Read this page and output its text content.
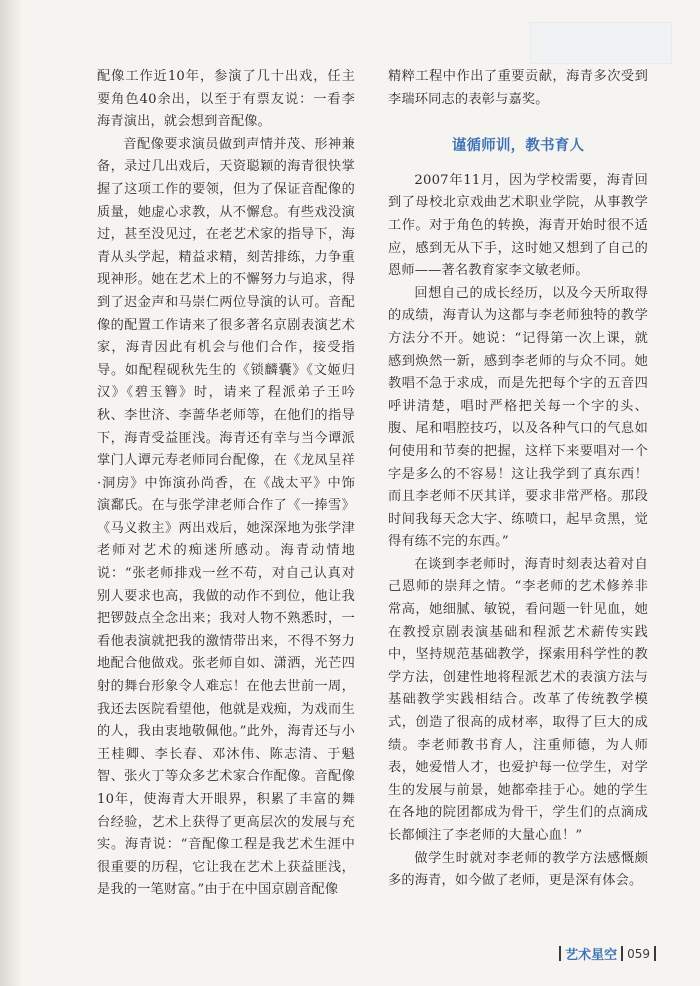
配像工作近10年，参演了几十出戏，任主要角色40余出，以至于有票友说：一看李海青演出，就会想到音配像。

音配像要求演员做到声情并茂、形神兼备，录过几出戏后，天资聪颖的海青很快掌握了这项工作的要领，但为了保证音配像的质量，她虚心求教，从不懈怠。有些戏没演过，甚至没见过，在老艺术家的指导下，海青从头学起，精益求精，刻苦排练，力争重现神形。她在艺术上的不懈努力与追求，得到了迟金声和马崇仁两位导演的认可。音配像的配置工作请来了很多著名京剧表演艺术家，海青因此有机会与他们合作，接受指导。如配程砚秋先生的《锁麟囊》《文姬归汉》《碧玉簪》时，请来了程派弟子王吟秋、李世济、李蔷华老师等，在他们的指导下，海青受益匪浅。海青还有幸与当今谭派掌门人谭元寿老师同台配像，在《龙凤呈祥·洞房》中饰演孙尚香，在《战太平》中饰演鄱氏。在与张学津老师合作了《一捧雪》《马义救主》两出戏后，她深深地为张学津老师对艺术的痴迷所感动。海青动情地说：“张老师排戏一丝不苟，对自己认真对别人要求也高，我做的动作不到位，他让我把锣鼓点全念出来；我对人物不熟悉时，一看他表演就把我的激情带出来，不得不努力地配合他做戏。张老师自如、潇洒，光芒四射的舞台形象令人难忘！在他去世前一周，我还去医院看望他，他就是戏痴，为戏而生的人，我由衷地敬佩他。”此外，海青还与小王桂卿、李长春、邓沐伟、陈志清、于魁智、张火丁等众多艺术家合作配像。音配像10年，使海青大开眼界，积累了丰富的舞台经验，艺术上获得了更高层次的发展与充实。海青说：“音配像工程是我艺术生涯中很重要的历程，它让我在艺术上获益匪浅，是我的一笔财富。”由于在中国京剧音配像

精粹工程中作出了重要贡献，海青多次受到李瑞环同志的表彰与嘉奖。

谨循师训，教书育人

2007年11月，因为学校需要，海青回到了母校北京戏曲艺术职业学院，从事教学工作。对于角色的转换，海青开始时很不适应，感到无从下手，这时她又想到了自己的恩师——著名教育家李文敏老师。

回想自己的成长经历，以及今天所取得的成绩，海青认为这都与李老师独特的教学方法分不开。她说：“记得第一次上课，就感到焕然一新，感到李老师的与众不同。她教唱不急于求成，而是先把每个字的五音四呼讲清楚，唱时严格把关每一个字的头、腹、尾和唱腔技巧，以及各种气口的气息如何使用和节奏的把握，这样下来要唱对一个字是多么的不容易！这让我学到了真东西！而且李老师不厌其详，要求非常严格。那段时间我每天念大字、练喷口，起早贪黑，觉得有练不完的东西。”

在谈到李老师时，海青时刻表达着对自己恩师的崇拜之情。“李老师的艺术修养非常高，她细腻、敏锐，看问题一针见血，她在教授京剧表演基础和程派艺术薪传实践中，坚持规范基础教学，探索用科学性的教学方法，创建性地将程派艺术的表演方法与基础教学实践相结合。改革了传统教学模式，创造了很高的成材率，取得了巨大的成绩。李老师教书育人，注重师德，为人师表，她爱惜人才，也爱护每一位学生，对学生的发展与前景，她都牵挂于心。她的学生在各地的院团都成为骨干，学生们的点滴成长都倾注了李老师的大量心血！”

做学生时就对李老师的教学方法感慨颇多的海青，如今做了老师，更是深有体会。

艺术星空 059
